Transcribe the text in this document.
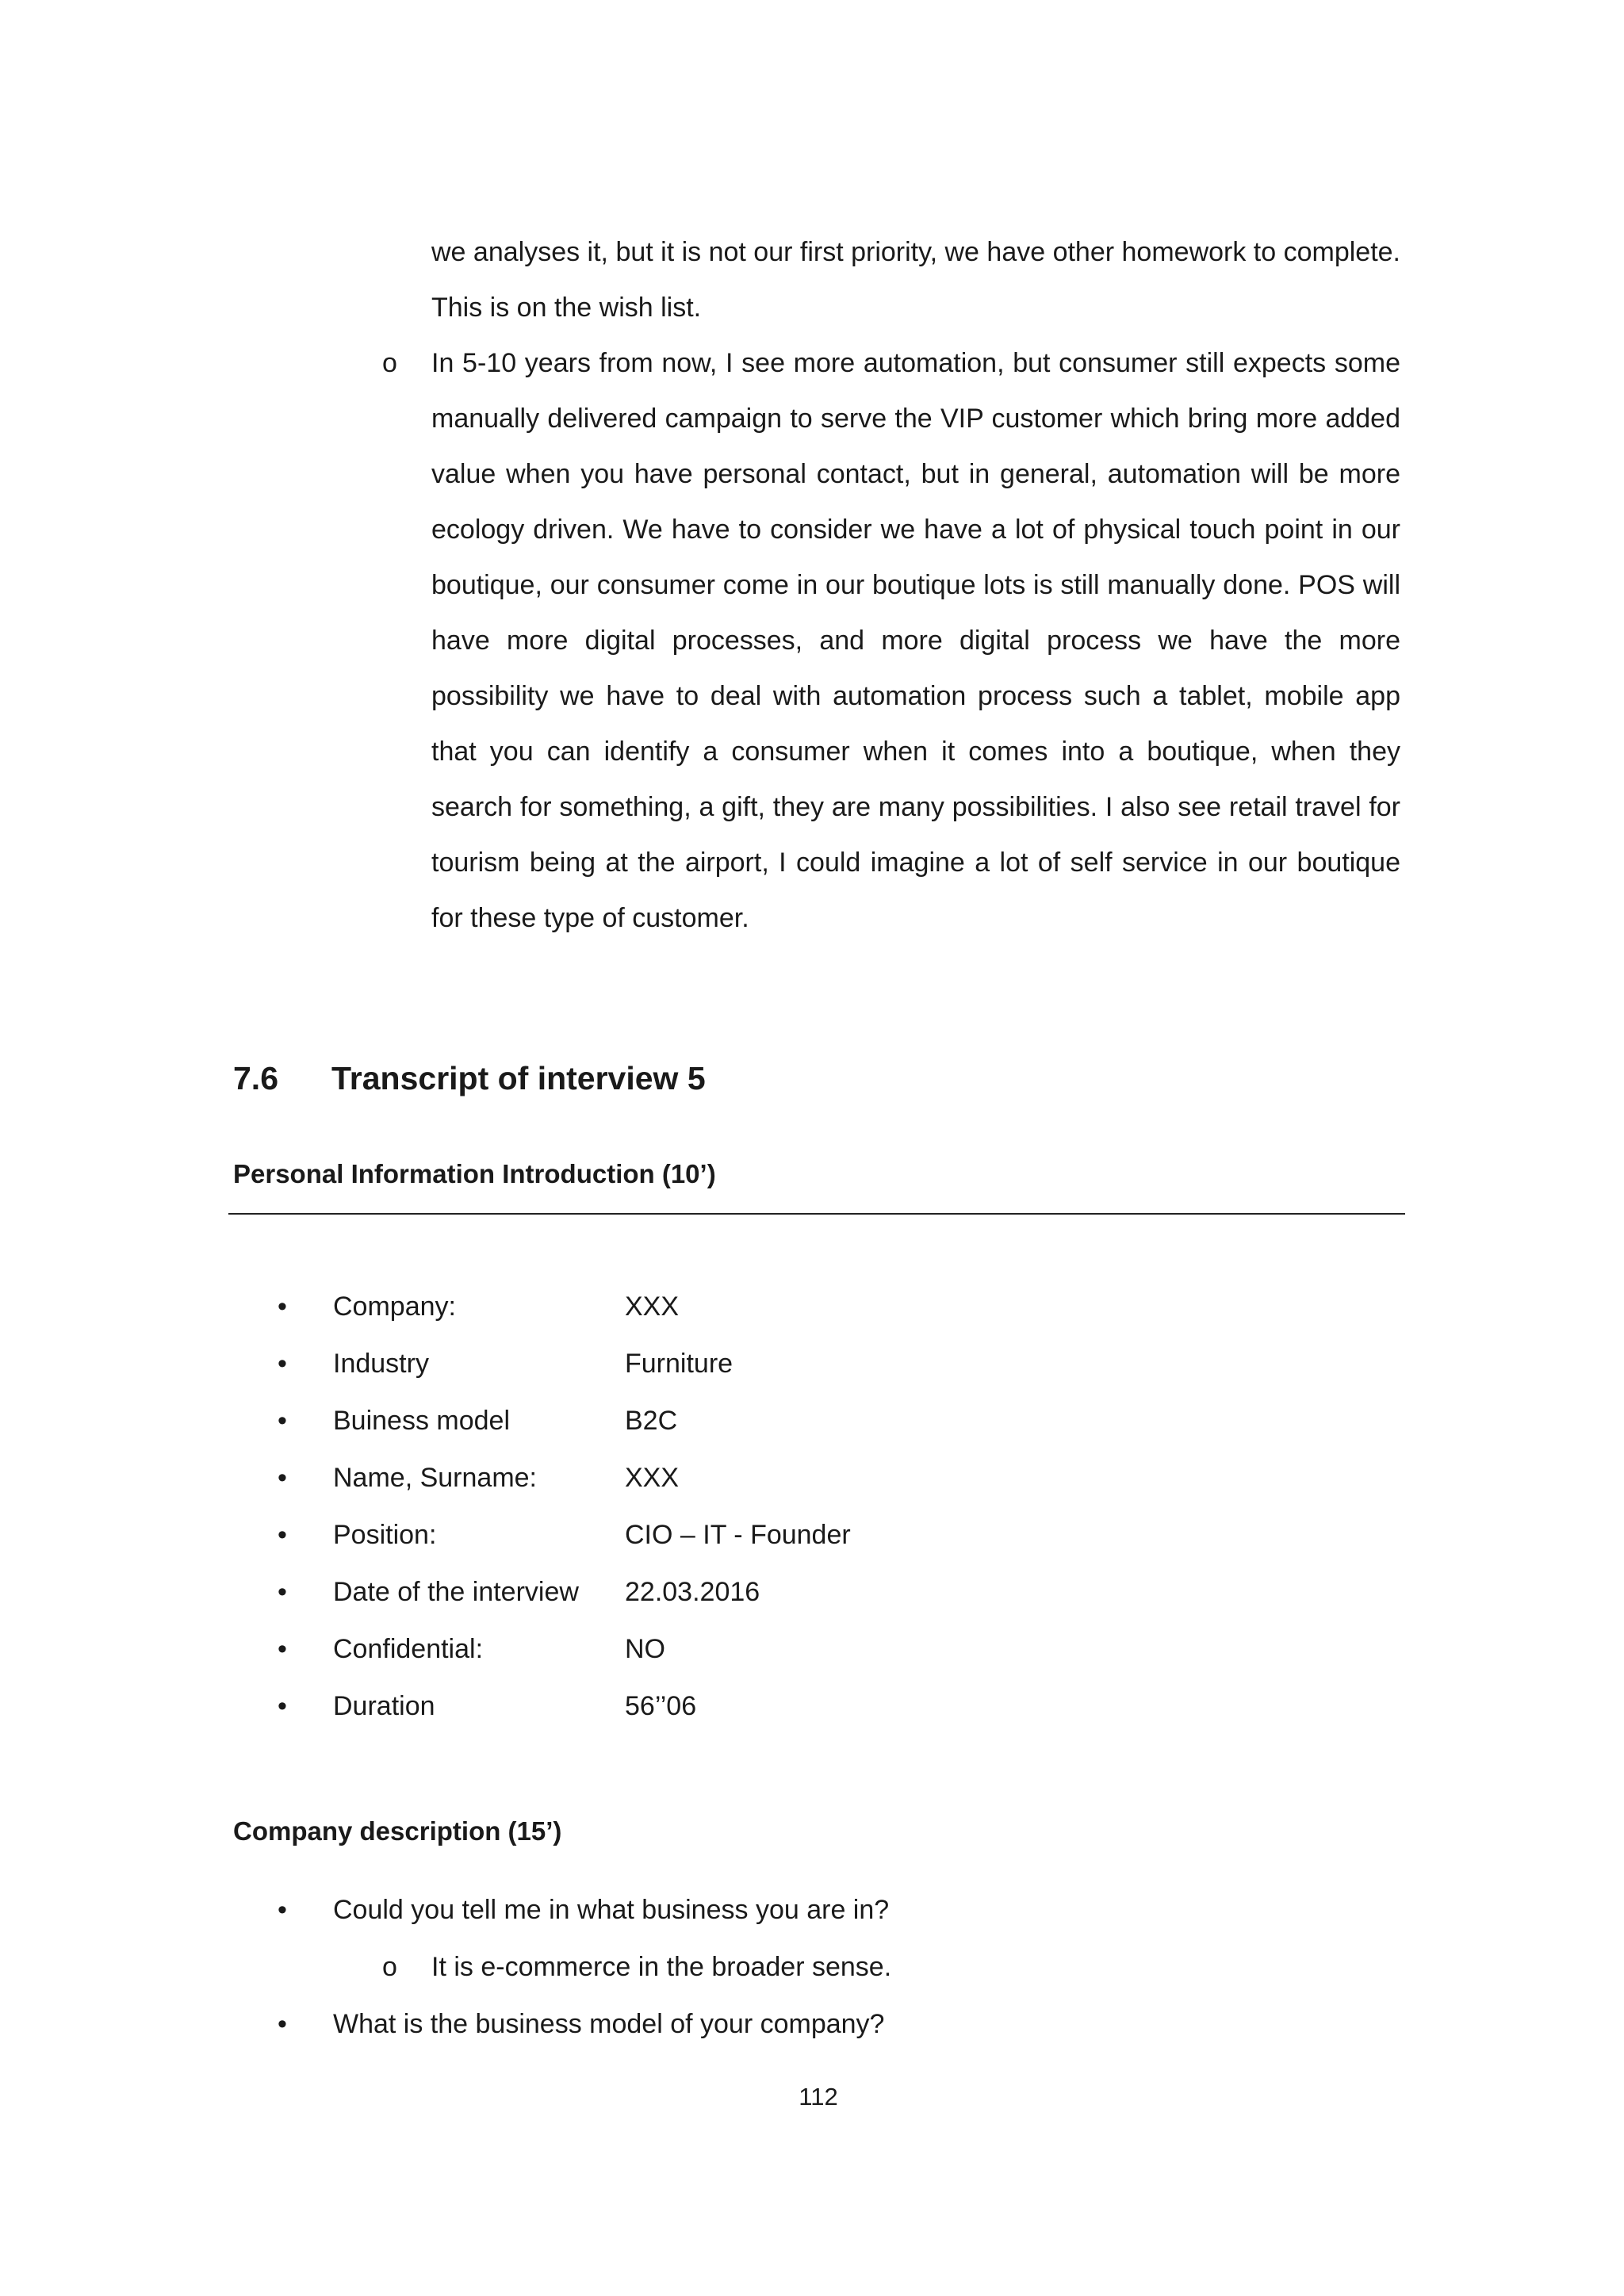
we analyses it, but it is not our first priority, we have other homework to complete. This is on the wish list.
o In 5-10 years from now, I see more automation, but consumer still expects some manually delivered campaign to serve the VIP customer which bring more added value when you have personal contact, but in general, automation will be more ecology driven. We have to consider we have a lot of physical touch point in our boutique, our consumer come in our boutique lots is still manually done. POS will have more digital processes, and more digital process we have the more possibility we have to deal with automation process such a tablet, mobile app that you can identify a consumer when it comes into a boutique, when they search for something, a gift, they are many possibilities. I also see retail travel for tourism being at the airport, I could imagine a lot of self service in our boutique for these type of customer.
7.6	Transcript of interview 5
Personal Information Introduction (10’)
•	Company:	XXX
•	Industry	Furniture
•	Buiness model	B2C
•	Name, Surname:	XXX
•	Position:	CIO – IT - Founder
•	Date of the interview	22.03.2016
•	Confidential:	NO
•	Duration	56’’06
Company description (15’)
•	Could you tell me in what business you are in?
o	It is e-commerce in the broader sense.
•	What is the business model of your company?
112
